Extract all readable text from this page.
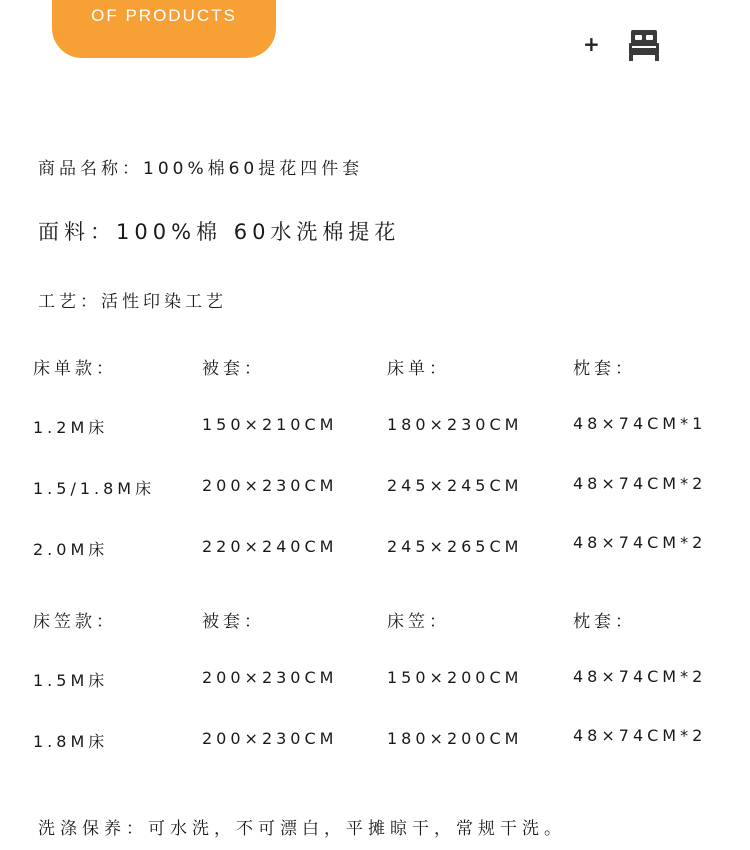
OF PRODUCTS
+
商品名称：100%棉60提花四件套
面料：100%棉 60水洗棉提花
工艺：活性印染工艺
床单款：	被套：	床单：	枕套：
1.2M床	150×210CM	180×230CM	48×74CM*1
1.5/1.8M床	200×230CM	245×245CM	48×74CM*2
2.0M床	220×240CM	245×265CM	48×74CM*2
床笠款：	被套：	床笠：	枕套：
1.5M床	200×230CM	150×200CM	48×74CM*2
1.8M床	200×230CM	180×200CM	48×74CM*2
洗涤保养：可水洗，不可漂白，平摊晾干，常规干洗。
